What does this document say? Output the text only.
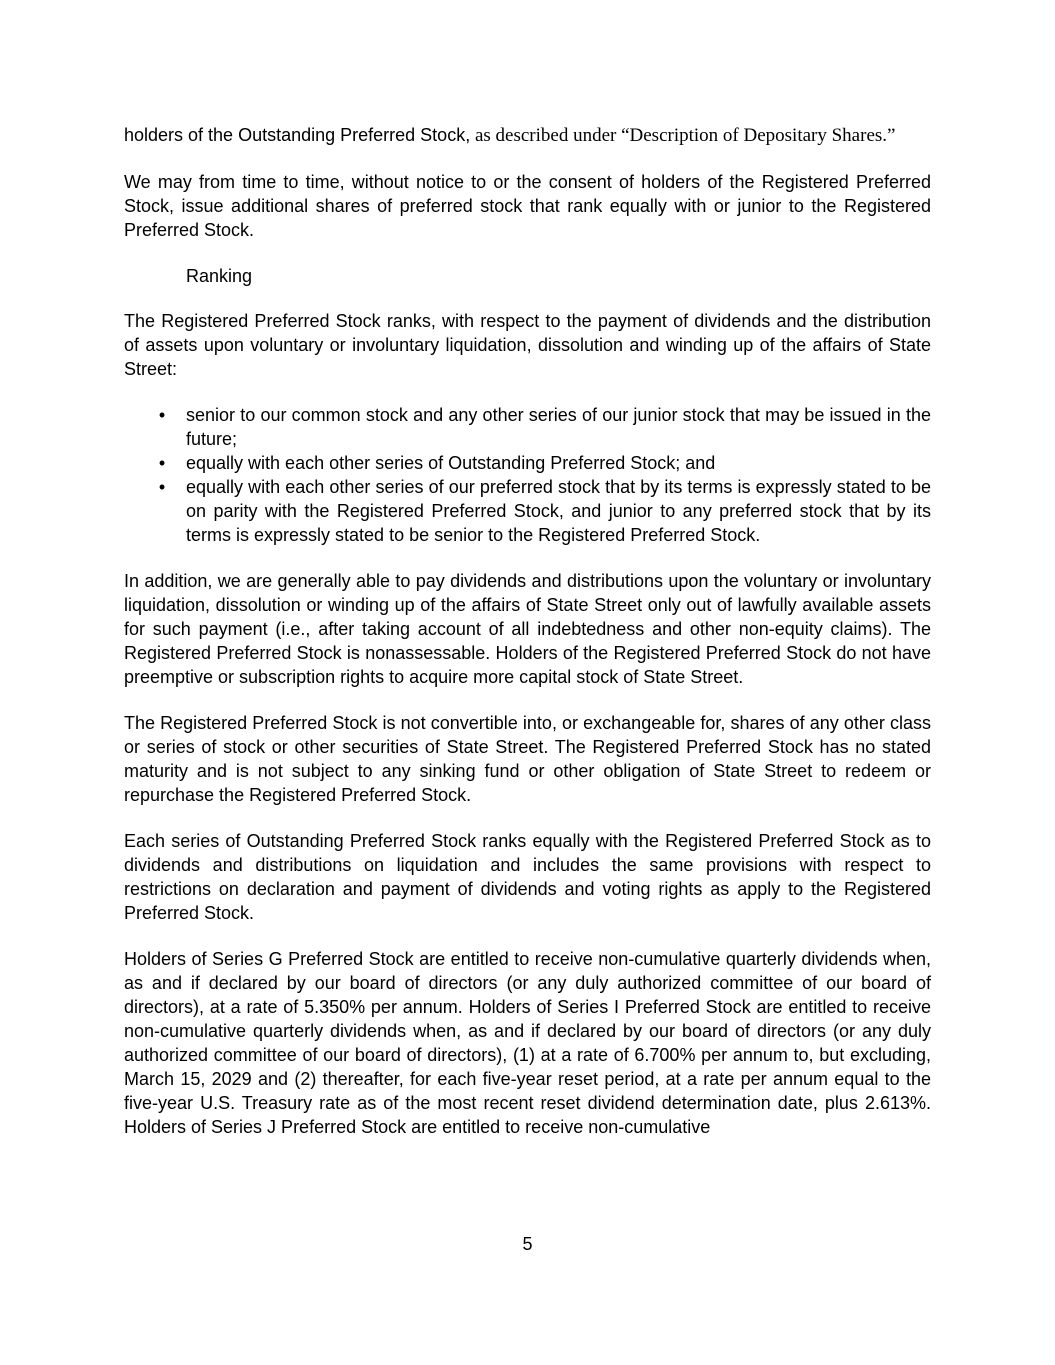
holders of the Outstanding Preferred Stock, as described under “Description of Depositary Shares.”

We may from time to time, without notice to or the consent of holders of the Registered Preferred Stock, issue additional shares of preferred stock that rank equally with or junior to the Registered Preferred Stock.

Ranking

The Registered Preferred Stock ranks, with respect to the payment of dividends and the distribution of assets upon voluntary or involuntary liquidation, dissolution and winding up of the affairs of State Street:

• senior to our common stock and any other series of our junior stock that may be issued in the future;
• equally with each other series of Outstanding Preferred Stock; and
• equally with each other series of our preferred stock that by its terms is expressly stated to be on parity with the Registered Preferred Stock, and junior to any preferred stock that by its terms is expressly stated to be senior to the Registered Preferred Stock.

In addition, we are generally able to pay dividends and distributions upon the voluntary or involuntary liquidation, dissolution or winding up of the affairs of State Street only out of lawfully available assets for such payment (i.e., after taking account of all indebtedness and other non-equity claims). The Registered Preferred Stock is nonassessable. Holders of the Registered Preferred Stock do not have preemptive or subscription rights to acquire more capital stock of State Street.

The Registered Preferred Stock is not convertible into, or exchangeable for, shares of any other class or series of stock or other securities of State Street. The Registered Preferred Stock has no stated maturity and is not subject to any sinking fund or other obligation of State Street to redeem or repurchase the Registered Preferred Stock.

Each series of Outstanding Preferred Stock ranks equally with the Registered Preferred Stock as to dividends and distributions on liquidation and includes the same provisions with respect to restrictions on declaration and payment of dividends and voting rights as apply to the Registered Preferred Stock.

Holders of Series G Preferred Stock are entitled to receive non-cumulative quarterly dividends when, as and if declared by our board of directors (or any duly authorized committee of our board of directors), at a rate of 5.350% per annum. Holders of Series I Preferred Stock are entitled to receive non-cumulative quarterly dividends when, as and if declared by our board of directors (or any duly authorized committee of our board of directors), (1) at a rate of 6.700% per annum to, but excluding, March 15, 2029 and (2) thereafter, for each five-year reset period, at a rate per annum equal to the five-year U.S. Treasury rate as of the most recent reset dividend determination date, plus 2.613%. Holders of Series J Preferred Stock are entitled to receive non-cumulative

5
